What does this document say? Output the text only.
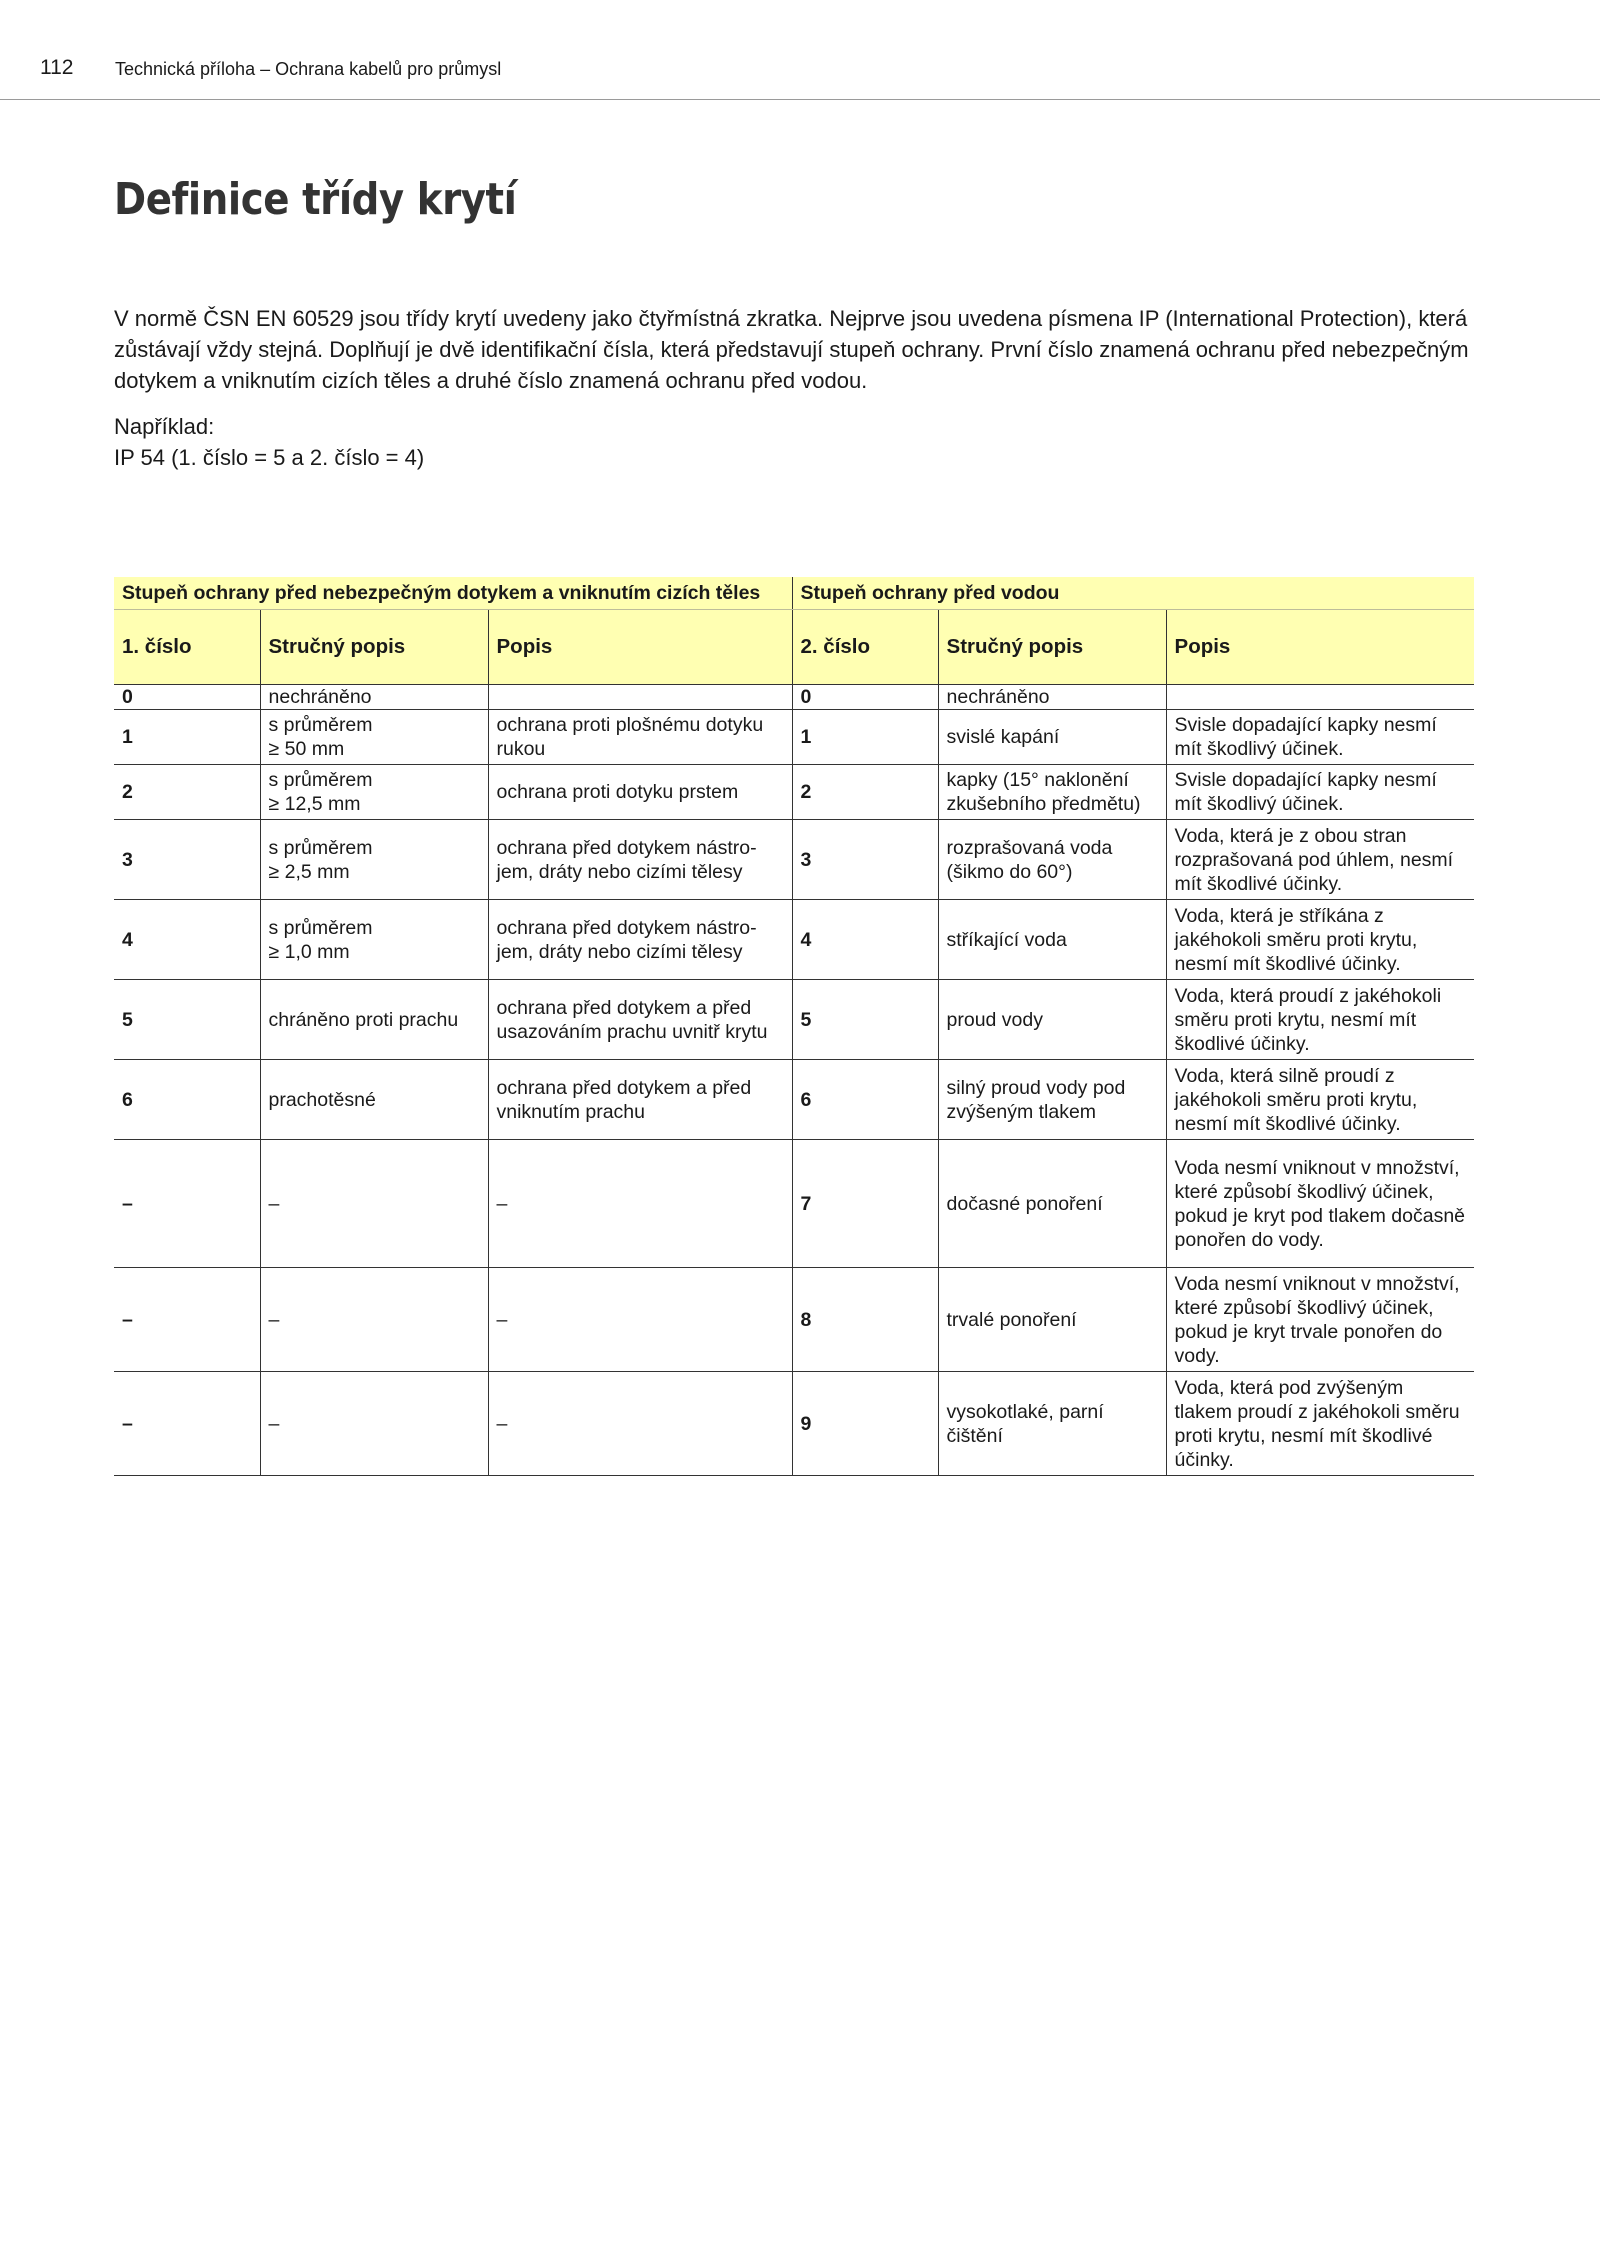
112 Technická příloha – Ochrana kabelů pro průmysl
Definice třídy krytí

V normě ČSN EN 60529 jsou třídy krytí uvedeny jako čtyřmístná zkratka. Nejprve jsou uvedena písmena IP (International Protection), která zůstávají vždy stejná. Doplňují je dvě identifikační čísla, která představují stupeň ochrany. První číslo znamená ochranu před nebezpečným dotykem a vniknutím cizích těles a druhé číslo znamená ochranu před vodou.

Například:
IP 54 (1. číslo = 5 a 2. číslo = 4)

Stupeň ochrany před nebezpečným dotykem a vniknutím cizích těles			Stupeň ochrany před vodou		
1. číslo	Stručný popis	Popis	2. číslo	Stručný popis	Popis
0	nechráněno		0	nechráněno	
1	s průměrem
≥ 50 mm	ochrana proti plošnému dotyku rukou	1	svislé kapání	Svisle dopadající kapky nesmí mít škodlivý účinek.
2	s průměrem
≥ 12,5 mm	ochrana proti dotyku prstem	2	kapky (15° naklonění zkušebního předmětu)	Svisle dopadající kapky nesmí mít škodlivý účinek.
3	s průměrem
≥ 2,5 mm	ochrana před dotykem nástro-
jem, dráty nebo cizími tělesy	3	rozprašovaná voda (šikmo do 60°)	Voda, která je z obou stran rozprašovaná pod úhlem, nesmí mít škodlivé účinky.
4	s průměrem
≥ 1,0 mm	ochrana před dotykem nástro-
jem, dráty nebo cizími tělesy	4	stříkající voda	Voda, která je stříkána z jakéhokoli směru proti krytu, nesmí mít škodlivé účinky.
5	chráněno proti prachu	ochrana před dotykem a před usazováním prachu uvnitř krytu	5	proud vody	Voda, která proudí z jakéhokoli směru proti krytu, nesmí mít škodlivé účinky.
6	prachotěsné	ochrana před dotykem a před vniknutím prachu	6	silný proud vody pod zvýšeným tlakem	Voda, která silně proudí z jakéhokoli směru proti krytu, nesmí mít škodlivé účinky.
–	–	–	7	dočasné ponoření	Voda nesmí vniknout v množství, které způsobí škodlivý účinek, pokud je kryt pod tlakem dočasně ponořen do vody.
–	–	–	8	trvalé ponoření	Voda nesmí vniknout v množství, které způsobí škodlivý účinek, pokud je kryt trvale ponořen do vody.
–	–	–	9	vysokotlaké, parní čištění	Voda, která pod zvýšeným tlakem proudí z jakéhokoli směru proti krytu, nesmí mít škodlivé účinky.
